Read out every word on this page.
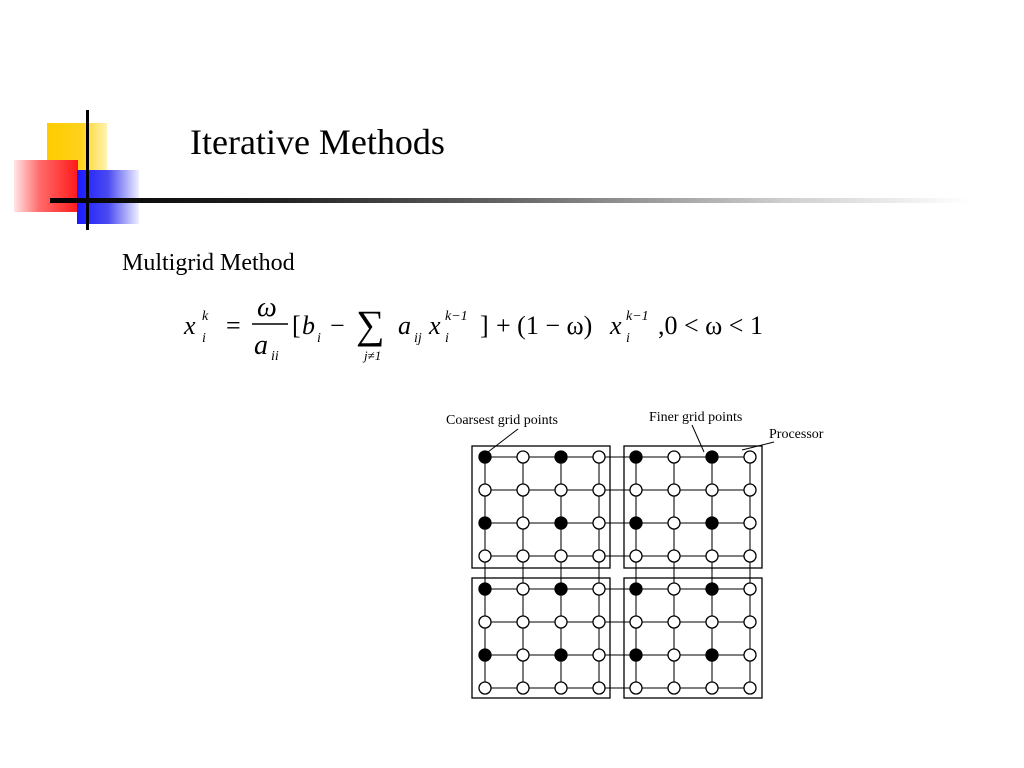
Iterative Methods
Multigrid Method
x k
i =
ω
a ii
[ b i − ∑
j≠1
a ij x k−1
i ] + (1 − ω) x k−1
i ,0 < ω < 1
Coarsest grid points	Finer grid points
Processor
